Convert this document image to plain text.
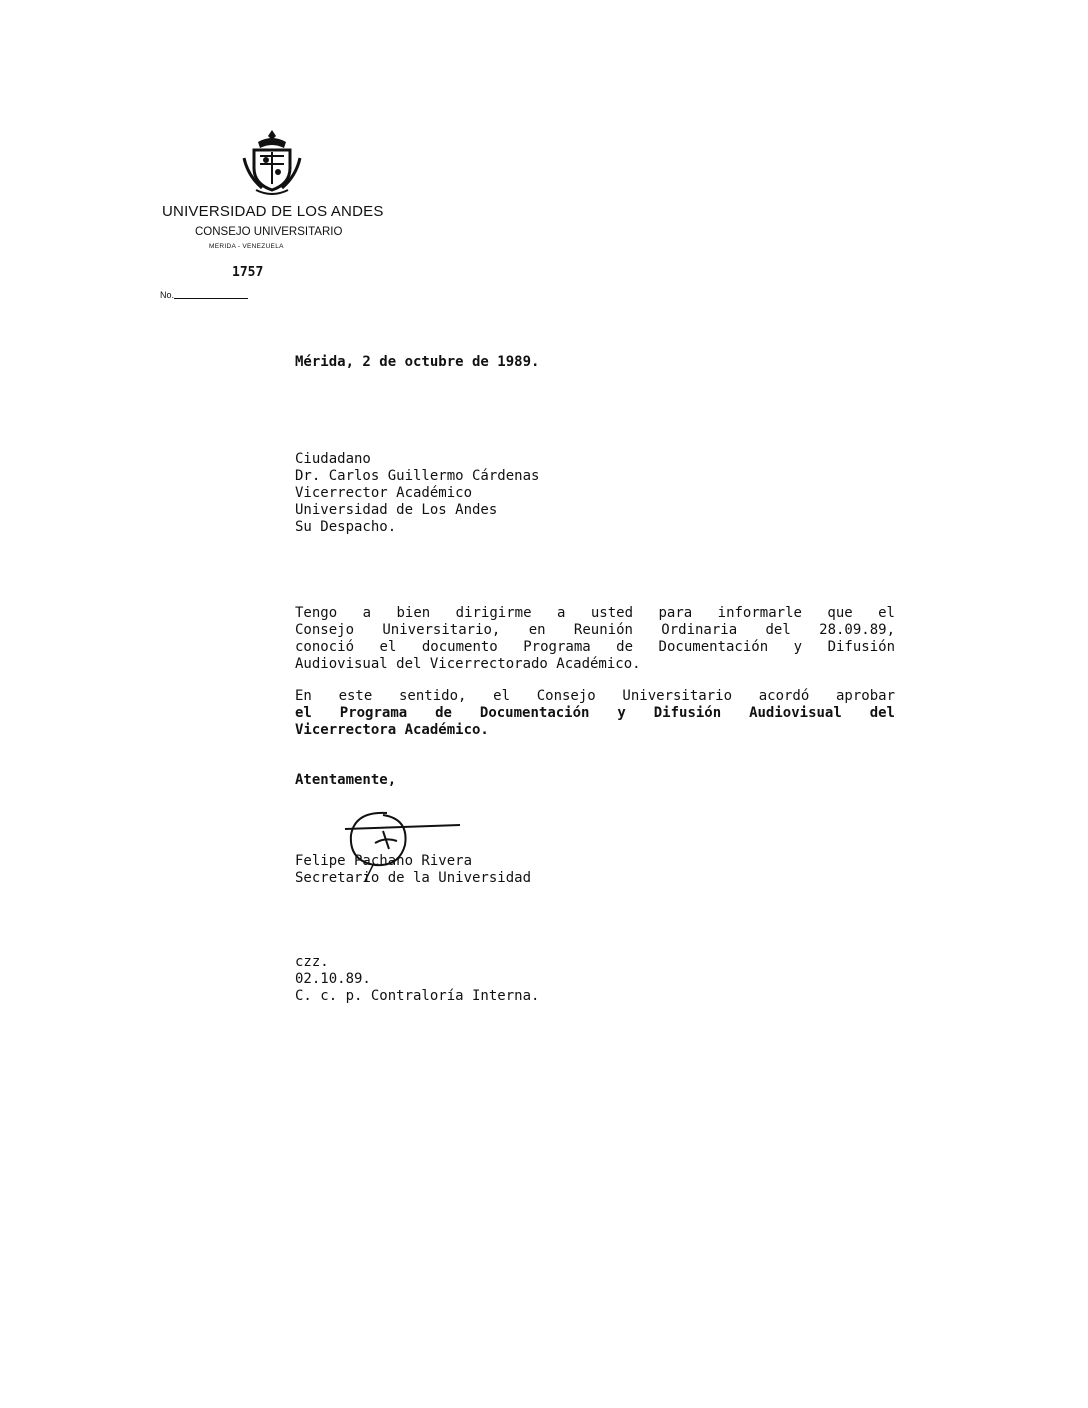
UNIVERSIDAD DE LOS ANDES
CONSEJO UNIVERSITARIO
MERIDA - VENEZUELA
1757
No.
Mérida, 2 de octubre de 1989.
Ciudadano
Dr. Carlos Guillermo Cárdenas
Vicerrector Académico
Universidad de Los Andes
Su Despacho.
Tengo a bien dirigirme a usted para informarle que el
Consejo Universitario, en Reunión Ordinaria del 28.09.89,
conoció el documento Programa de Documentación y Difusión
Audiovisual del Vicerrectorado Académico.
En este sentido, el Consejo Universitario acordó aprobar
el Programa de Documentación y Difusión Audiovisual del
Vicerrectora Académico.
Atentamente,
Felipe Pachano Rivera
Secretario de la Universidad
czz.
02.10.89.
C. c. p. Contraloría Interna.
